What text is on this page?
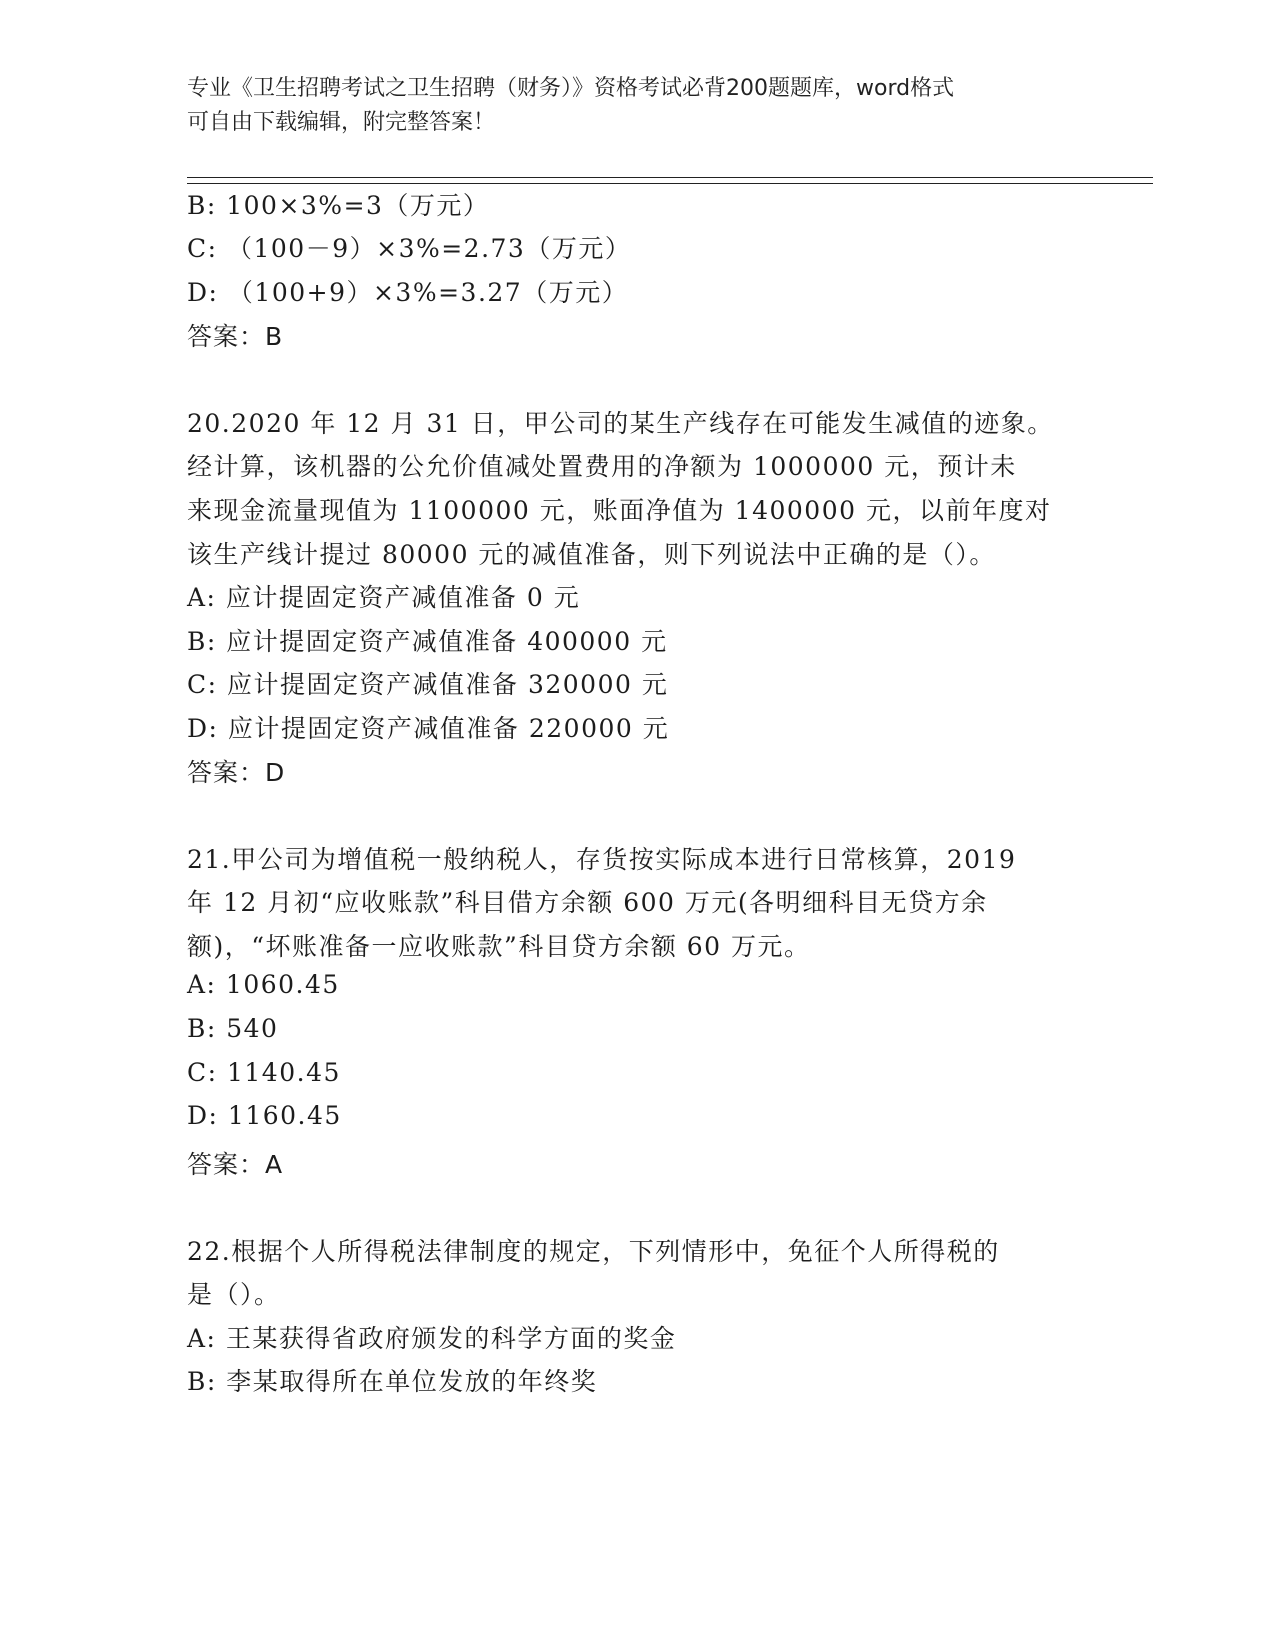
专业《卫生招聘考试之卫生招聘（财务）》资格考试必背200题题库，word格式
可自由下载编辑，附完整答案！
B: 100×3%=3（万元）
C: （100－9）×3%=2.73（万元）
D: （100+9）×3%=3.27（万元）
答案：B
20.2020 年 12 月 31 日，甲公司的某生产线存在可能发生减值的迹象。
经计算，该机器的公允价值减处置费用的净额为 1000000 元，预计未
来现金流量现值为 1100000 元，账面净值为 1400000 元，以前年度对
该生产线计提过 80000 元的减值准备，则下列说法中正确的是（）。
A: 应计提固定资产减值准备 0 元
B: 应计提固定资产减值准备 400000 元
C: 应计提固定资产减值准备 320000 元
D: 应计提固定资产减值准备 220000 元
答案：D
21.甲公司为增值税一般纳税人，存货按实际成本进行日常核算，2019
年 12 月初“应收账款”科目借方余额 600 万元(各明细科目无贷方余
额)，“坏账准备一应收账款”科目贷方余额 60 万元。
A: 1060.45
B: 540
C: 1140.45
D: 1160.45
答案：A
22.根据个人所得税法律制度的规定，下列情形中，免征个人所得税的
是（）。
A: 王某获得省政府颁发的科学方面的奖金
B: 李某取得所在单位发放的年终奖
